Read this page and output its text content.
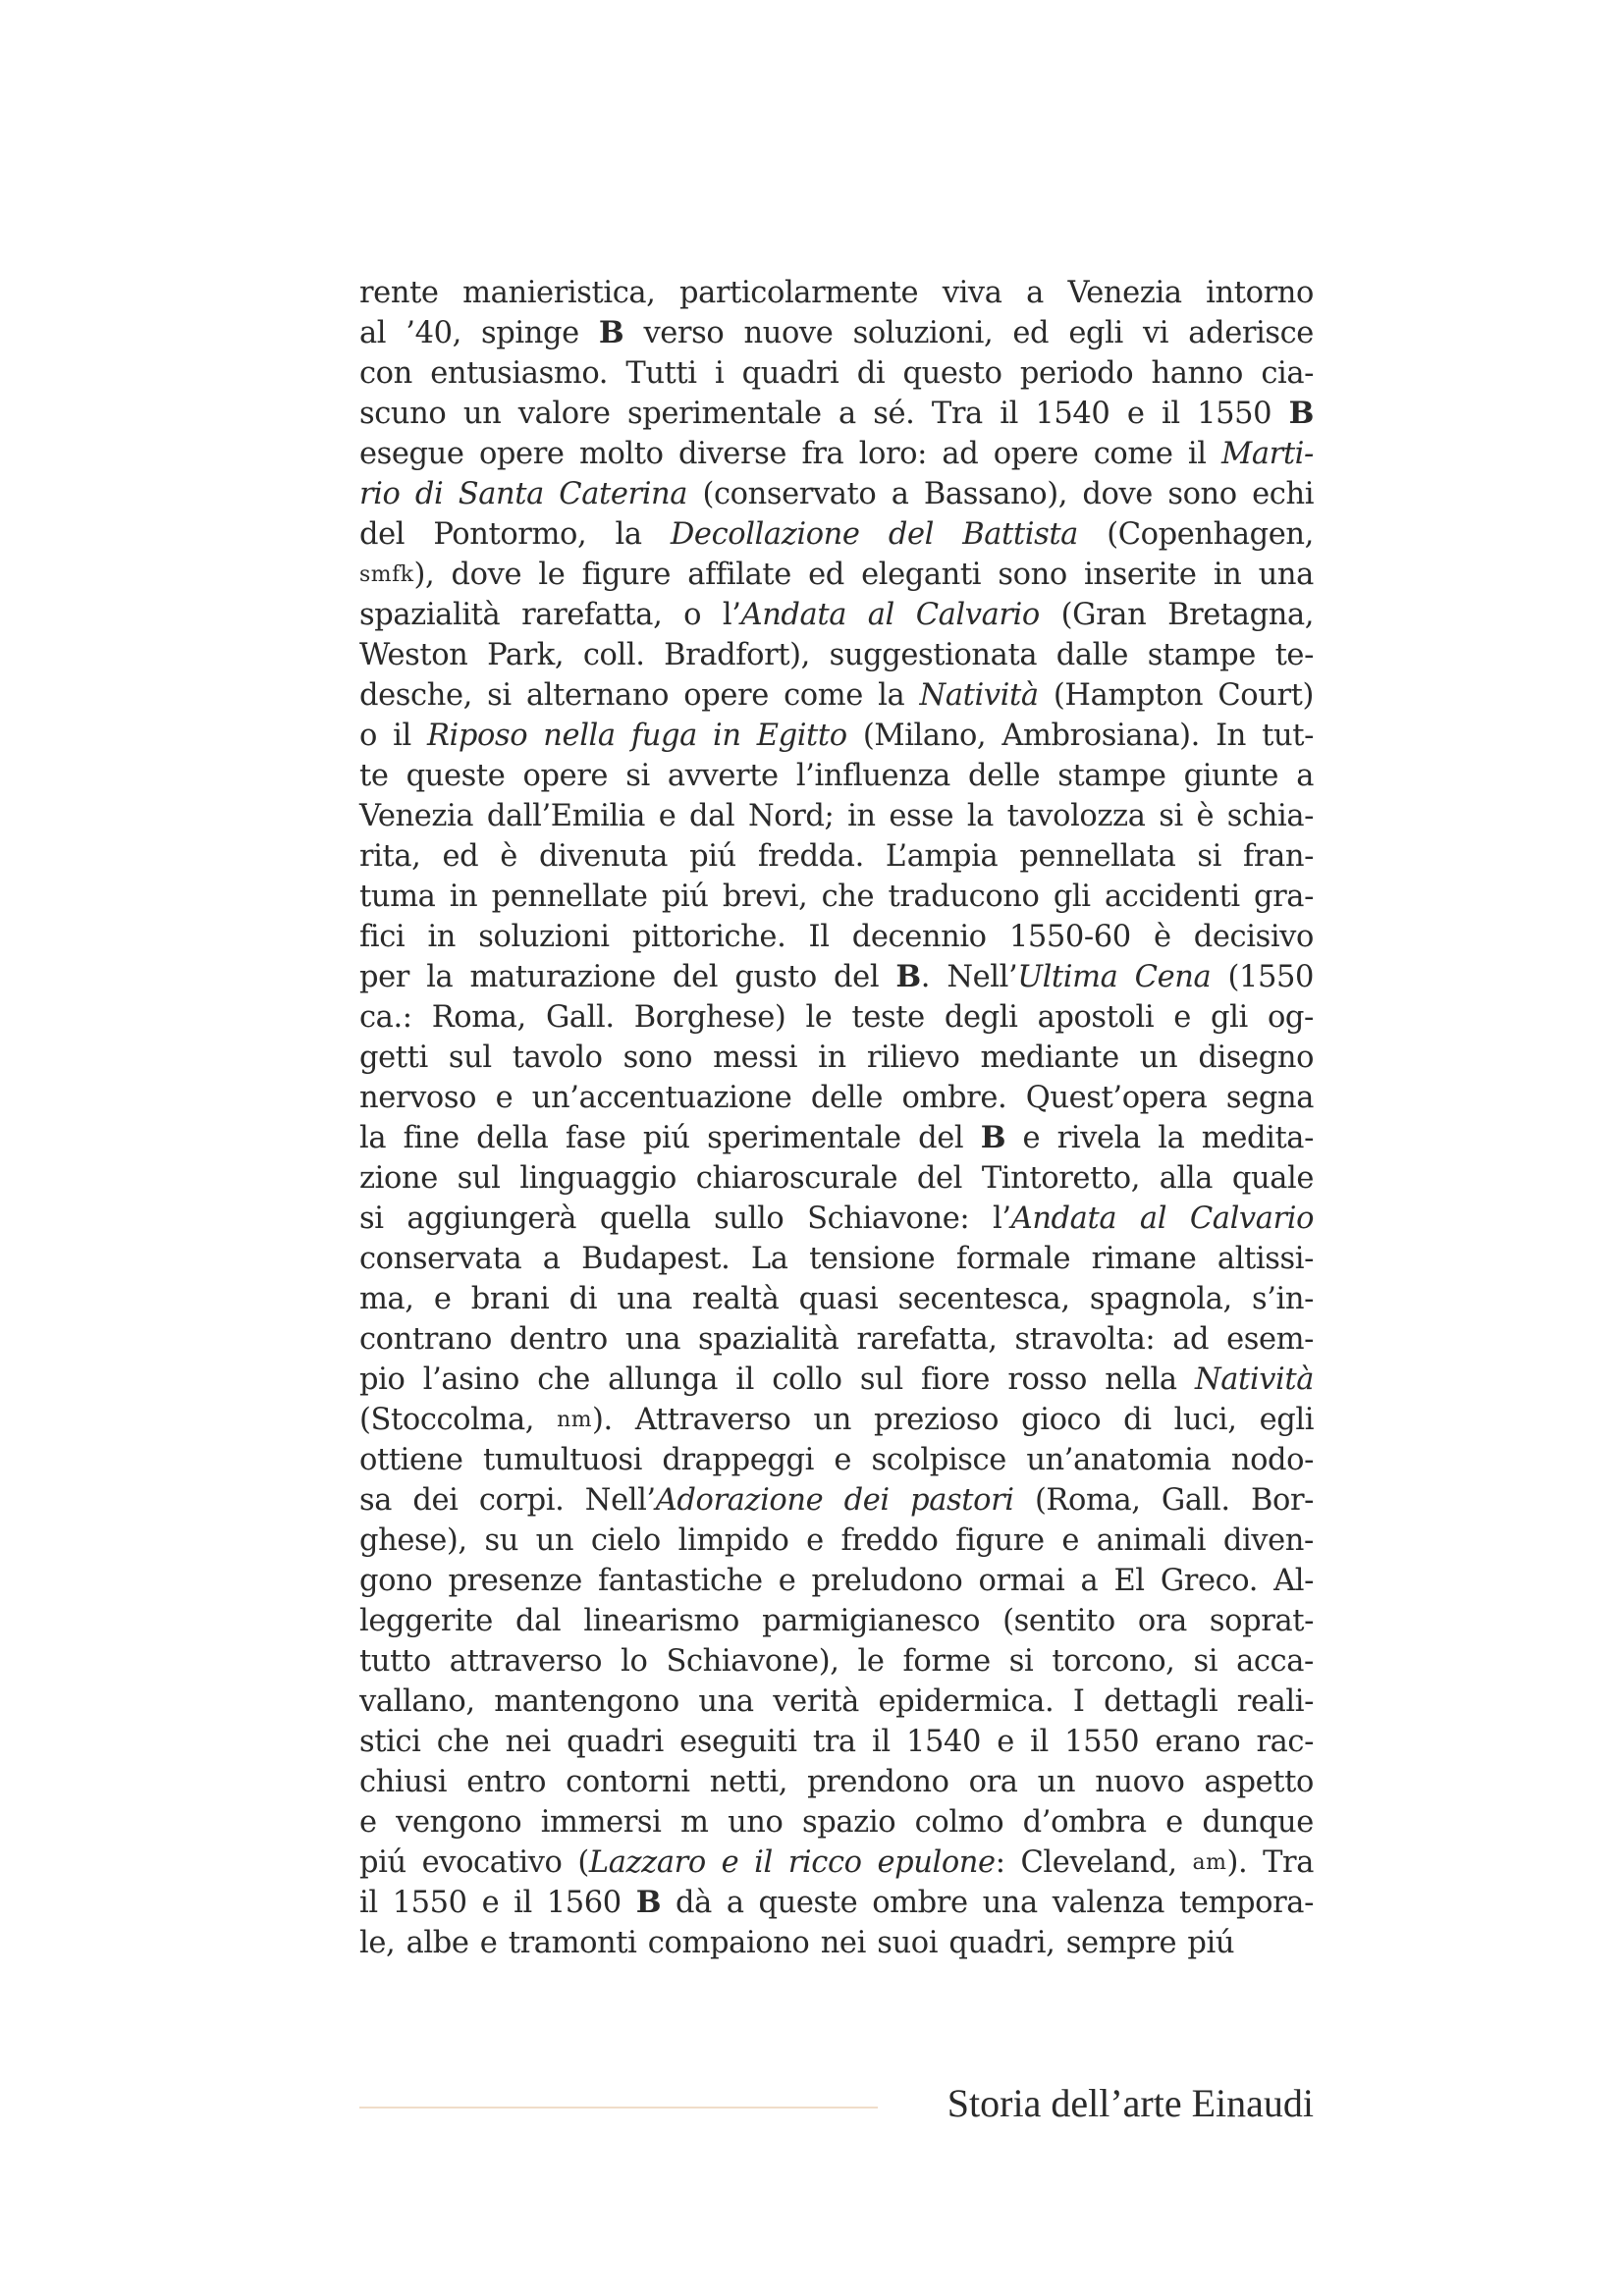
rente manieristica, particolarmente viva a Venezia intorno
al ’40, spinge B verso nuove soluzioni, ed egli vi aderisce
con entusiasmo. Tutti i quadri di questo periodo hanno cia-
scuno un valore sperimentale a sé. Tra il 1540 e il 1550 B
esegue opere molto diverse fra loro: ad opere come il Marti-
rio di Santa Caterina (conservato a Bassano), dove sono echi
del Pontormo, la Decollazione del Battista (Copenhagen,
smfk ), dove le figure affilate ed eleganti sono inserite in una
spazialità rarefatta, o l’ Andata al Calvario (Gran Bretagna,
Weston Park, coll. Bradfort), suggestionata dalle stampe te-
desche, si alternano opere come la Natività (Hampton Court)
o il Riposo nella fuga in Egitto (Milano, Ambrosiana). In tut-
te queste opere si avverte l’influenza delle stampe giunte a
Venezia dall’Emilia e dal Nord; in esse la tavolozza si è schia-
rita, ed è divenuta piú fredda. L’ampia pennellata si fran-
tuma in pennellate piú brevi, che traducono gli accidenti gra-
fici in soluzioni pittoriche. Il decennio 1550-60 è decisivo
per la maturazione del gusto del B . Nell’ Ultima Cena (1550
ca.: Roma, Gall. Borghese) le teste degli apostoli e gli og-
getti sul tavolo sono messi in rilievo mediante un disegno
nervoso e un’accentuazione delle ombre. Quest’opera segna
la fine della fase piú sperimentale del B e rivela la medita-
zione sul linguaggio chiaroscurale del Tintoretto, alla quale
si aggiungerà quella sullo Schiavone: l’ Andata al Calvario
conservata a Budapest. La tensione formale rimane altissi-
ma, e brani di una realtà quasi secentesca, spagnola, s’in-
contrano dentro una spazialità rarefatta, stravolta: ad esem-
pio l’asino che allunga il collo sul fiore rosso nella Natività
(Stoccolma, nm ). Attraverso un prezioso gioco di luci, egli
ottiene tumultuosi drappeggi e scolpisce un’anatomia nodo-
sa dei corpi. Nell’ Adorazione dei pastori (Roma, Gall. Bor-
ghese), su un cielo limpido e freddo figure e animali diven-
gono presenze fantastiche e preludono ormai a El Greco. Al-
leggerite dal linearismo parmigianesco (sentito ora soprat-
tutto attraverso lo Schiavone), le forme si torcono, si acca-
vallano, mantengono una verità epidermica. I dettagli reali-
stici che nei quadri eseguiti tra il 1540 e il 1550 erano rac-
chiusi entro contorni netti, prendono ora un nuovo aspetto
e vengono immersi m uno spazio colmo d’ombra e dunque
piú evocativo ( Lazzaro e il ricco epulone : Cleveland, am ). Tra
il 1550 e il 1560 B dà a queste ombre una valenza tempora-
le, albe e tramonti compaiono nei suoi quadri, sempre piú
Storia dell’arte Einaudi
